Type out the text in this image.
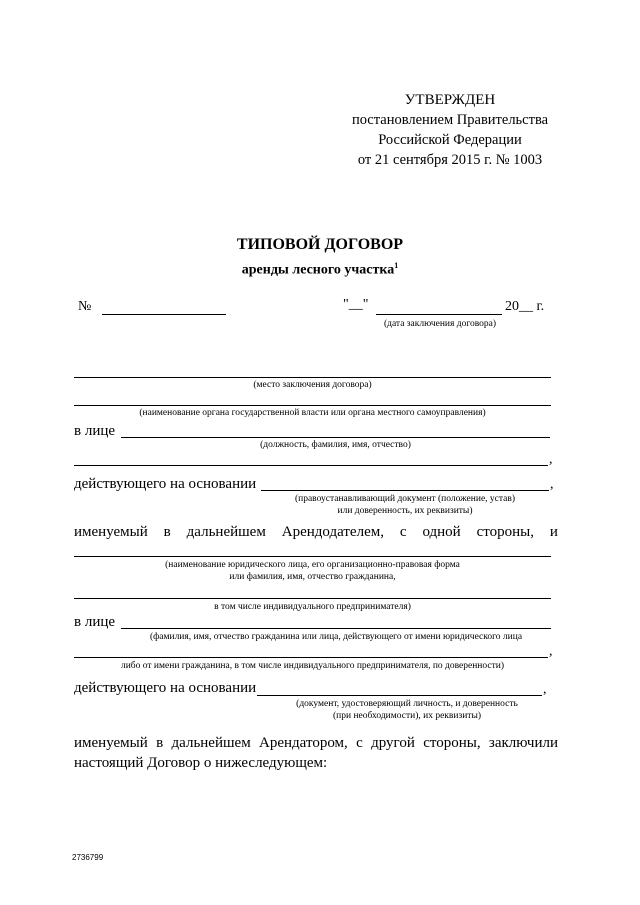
УТВЕРЖДЕН
постановлением Правительства
Российской Федерации
от 21 сентября 2015 г. № 1003
ТИПОВОЙ ДОГОВОР
аренды лесного участка$^1$
№	"__"	20__ г.
(дата заключения договора)
(место заключения договора)
(наименование органа государственной власти или органа местного самоуправления)
в лице
(должность, фамилия, имя, отчество)
,
действующего на основании	,
(правоустанавливающий документ (положение, устав)
или доверенность, их реквизиты)
именуемый в дальнейшем Арендодателем, с одной стороны, и
(наименование юридического лица, его организационно-правовая форма
или фамилия, имя, отчество гражданина,
в том числе индивидуального предпринимателя)
в лице
(фамилия, имя, отчество гражданина или лица, действующего от имени юридического лица
,
либо от имени гражданина, в том числе индивидуального предпринимателя, по доверенности)
действующего на основании	,
(документ, удостоверяющий личность, и доверенность
(при необходимости), их реквизиты)
именуемый в дальнейшем Арендатором, с другой стороны, заключили настоящий Договор о нижеследующем:
2736799
